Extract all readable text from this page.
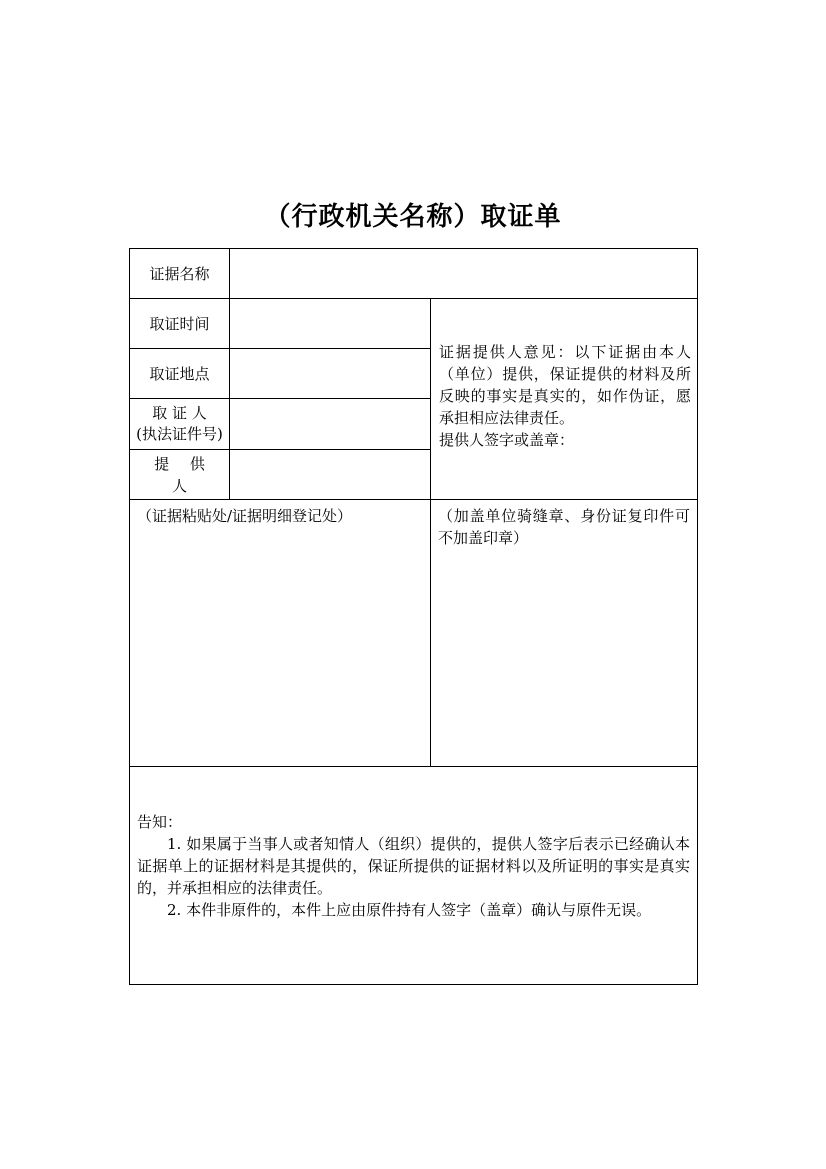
（行政机关名称）取证单
证据名称
取证时间
取证地点
取 证 人
(执法证件号)
提 供 人
证据提供人意见：以下证据由本人（单位）提供，保证提供的材料及所反映的事实是真实的，如作伪证，愿承担相应法律责任。
提供人签字或盖章：
（证据粘贴处/证据明细登记处）	（加盖单位骑缝章、身份证复印件可不加盖印章）
告知：
1. 如果属于当事人或者知情人（组织）提供的，提供人签字后表示已经确认本证据单上的证据材料是其提供的，保证所提供的证据材料以及所证明的事实是真实的，并承担相应的法律责任。
2. 本件非原件的，本件上应由原件持有人签字（盖章）确认与原件无误。
